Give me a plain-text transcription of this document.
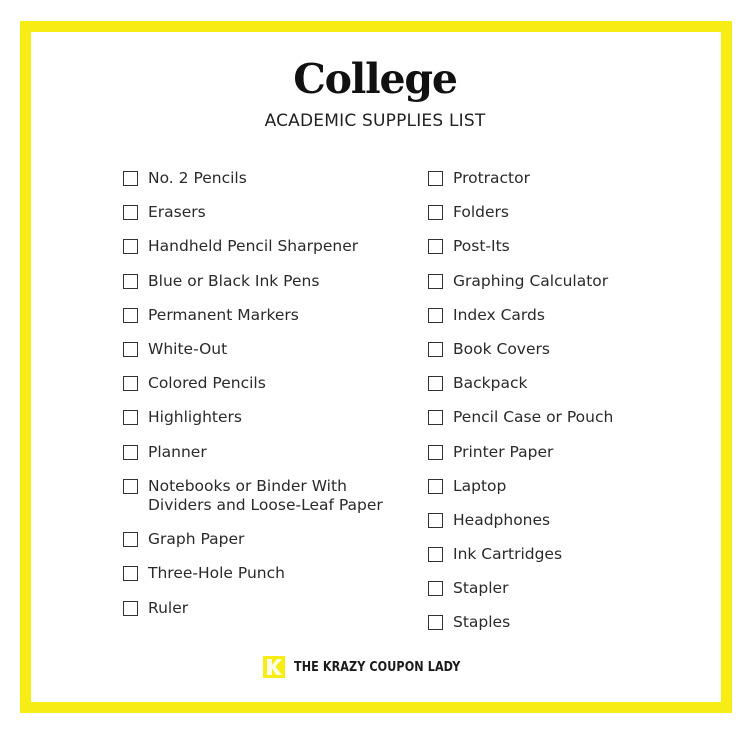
College
ACADEMIC SUPPLIES LIST
No. 2 Pencils
Erasers
Handheld Pencil Sharpener
Blue or Black Ink Pens
Permanent Markers
White-Out
Colored Pencils
Highlighters
Planner
Notebooks or Binder With
Dividers and Loose-Leaf Paper
Graph Paper
Three-Hole Punch
Ruler
Protractor
Folders
Post-Its
Graphing Calculator
Index Cards
Book Covers
Backpack
Pencil Case or Pouch
Printer Paper
Laptop
Headphones
Ink Cartridges
Stapler
Staples
THE KRAZY COUPON LADY
